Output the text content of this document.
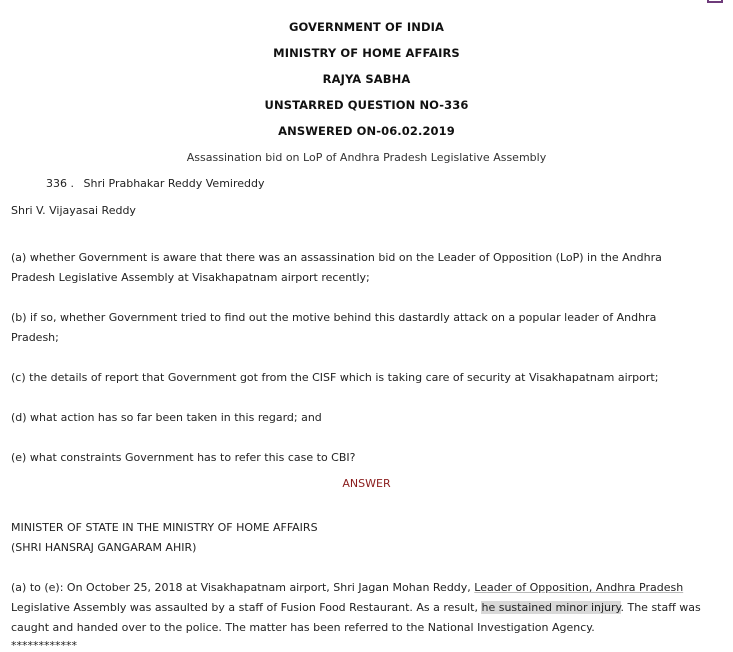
GOVERNMENT OF INDIA
MINISTRY OF HOME AFFAIRS
RAJYA SABHA
UNSTARRED QUESTION NO-336
ANSWERED ON-06.02.2019
Assassination bid on LoP of Andhra Pradesh Legislative Assembly
336 . Shri Prabhakar Reddy Vemireddy
Shri V. Vijayasai Reddy
(a) whether Government is aware that there was an assassination bid on the Leader of Opposition (LoP) in the Andhra
Pradesh Legislative Assembly at Visakhapatnam airport recently;
(b) if so, whether Government tried to find out the motive behind this dastardly attack on a popular leader of Andhra
Pradesh;
(c) the details of report that Government got from the CISF which is taking care of security at Visakhapatnam airport;
(d) what action has so far been taken in this regard; and
(e) what constraints Government has to refer this case to CBI?
ANSWER
MINISTER OF STATE IN THE MINISTRY OF HOME AFFAIRS
(SHRI HANSRAJ GANGARAM AHIR)
(a) to (e): On October 25, 2018 at Visakhapatnam airport, Shri Jagan Mohan Reddy, Leader of Opposition, Andhra Pradesh
Legislative Assembly was assaulted by a staff of Fusion Food Restaurant. As a result, he sustained minor injury. The staff was
caught and handed over to the police. The matter has been referred to the National Investigation Agency.
************
